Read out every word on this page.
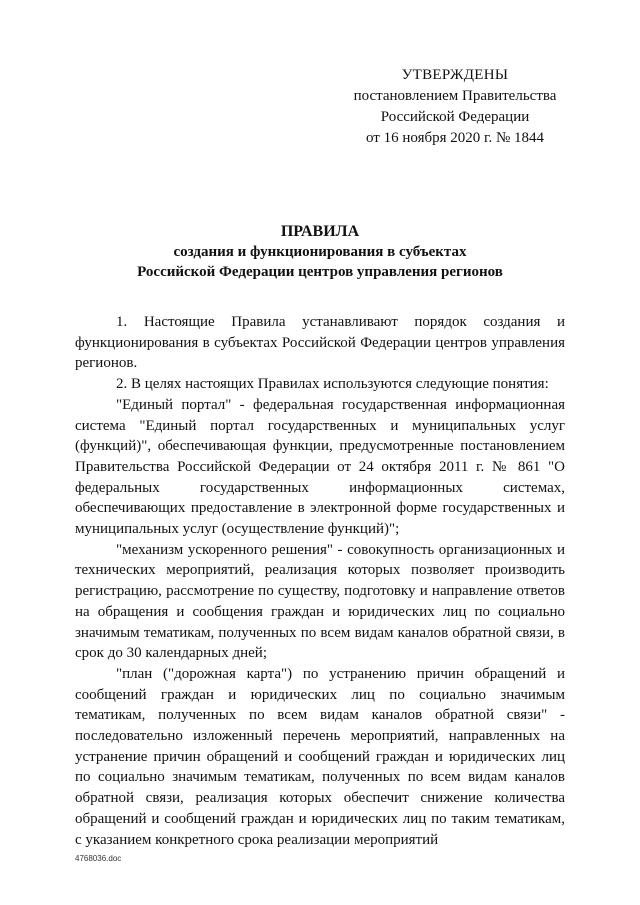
УТВЕРЖДЕНЫ
постановлением Правительства
Российской Федерации
от 16 ноября 2020 г. № 1844
ПРАВИЛА
создания и функционирования в субъектах
Российской Федерации центров управления регионов

1. Настоящие Правила устанавливают порядок создания и функционирования в субъектах Российской Федерации центров управления регионов.

2. В целях настоящих Правилах используются следующие понятия:

"Единый портал" - федеральная государственная информационная система "Единый портал государственных и муниципальных услуг (функций)", обеспечивающая функции, предусмотренные постановлением Правительства Российской Федерации от 24 октября 2011 г. № 861 "О федеральных государственных информационных системах, обеспечивающих предоставление в электронной форме государственных и муниципальных услуг (осуществление функций)";

"механизм ускоренного решения" - совокупность организационных и технических мероприятий, реализация которых позволяет производить регистрацию, рассмотрение по существу, подготовку и направление ответов на обращения и сообщения граждан и юридических лиц по социально значимым тематикам, полученных по всем видам каналов обратной связи, в срок до 30 календарных дней;

"план ("дорожная карта") по устранению причин обращений и сообщений граждан и юридических лиц по социально значимым тематикам, полученных по всем видам каналов обратной связи" - последовательно изложенный перечень мероприятий, направленных на устранение причин обращений и сообщений граждан и юридических лиц по социально значимым тематикам, полученных по всем видам каналов обратной связи, реализация которых обеспечит снижение количества обращений и сообщений граждан и юридических лиц по таким тематикам, с указанием конкретного срока реализации мероприятий

4768036.doc
